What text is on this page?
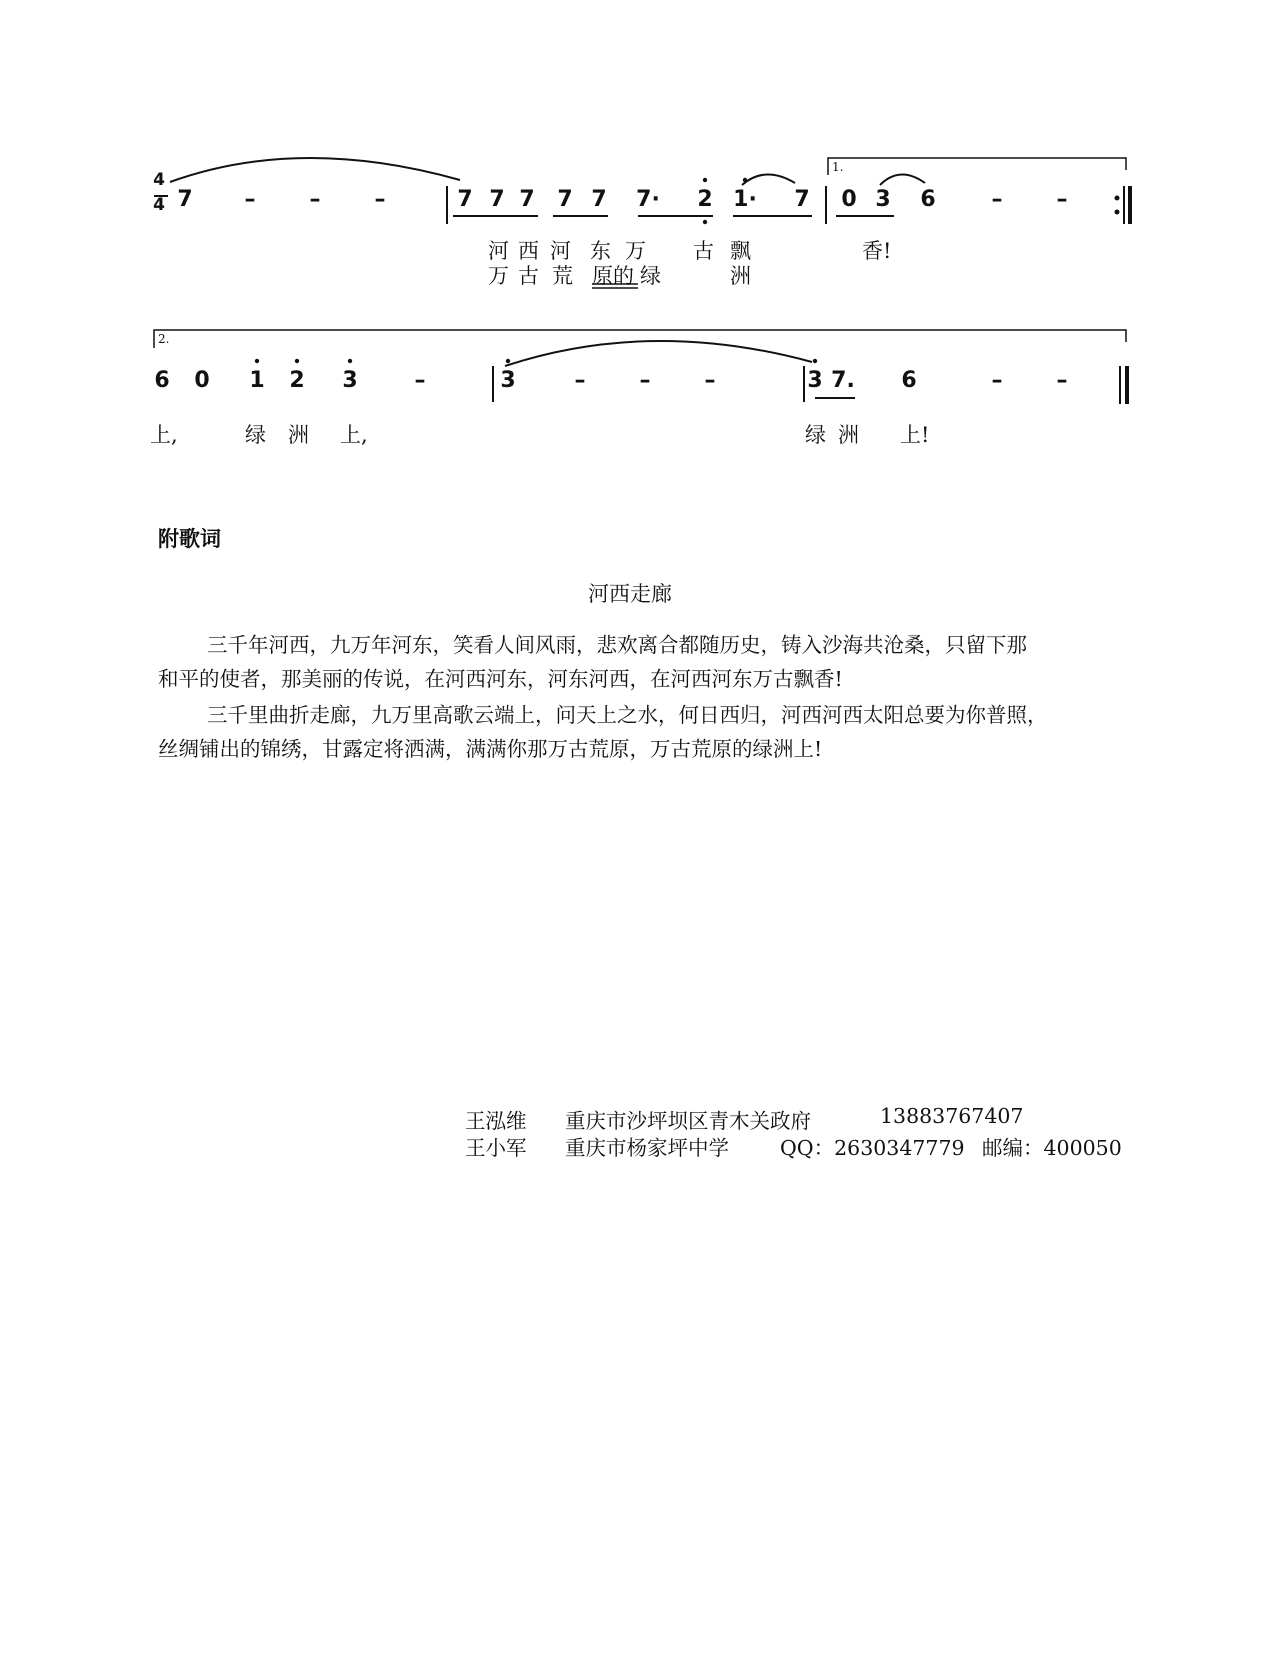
4
4 7 – – –	7 7 7 7 7 7· 2 1· 7 0 3 6	– –
1.
河 西 河 东 万 古 飘	香!
万 古 荒 原的 绿	洲
2.
6 0 1 2 3	–	3	– – –	3 7. 6	– –
上,	绿 洲 上,	绿 洲 上!
附歌词
河西走廊
三千年河西，九万年河东，笑看人间风雨，悲欢离合都随历史，铸入沙海共沧桑，只留下那
和平的使者，那美丽的传说，在河西河东，河东河西，在河西河东万古飘香!
三千里曲折走廊，九万里高歌云端上，问天上之水，何日西归，河西河西太阳总要为你普照，
丝绸铺出的锦绣，甘露定将洒满，满满你那万古荒原，万古荒原的绿洲上!
王泓维 重庆市沙坪坝区青木关政府	13883767407
王小军 重庆市杨家坪中学 QQ：2630347779 邮编：400050
